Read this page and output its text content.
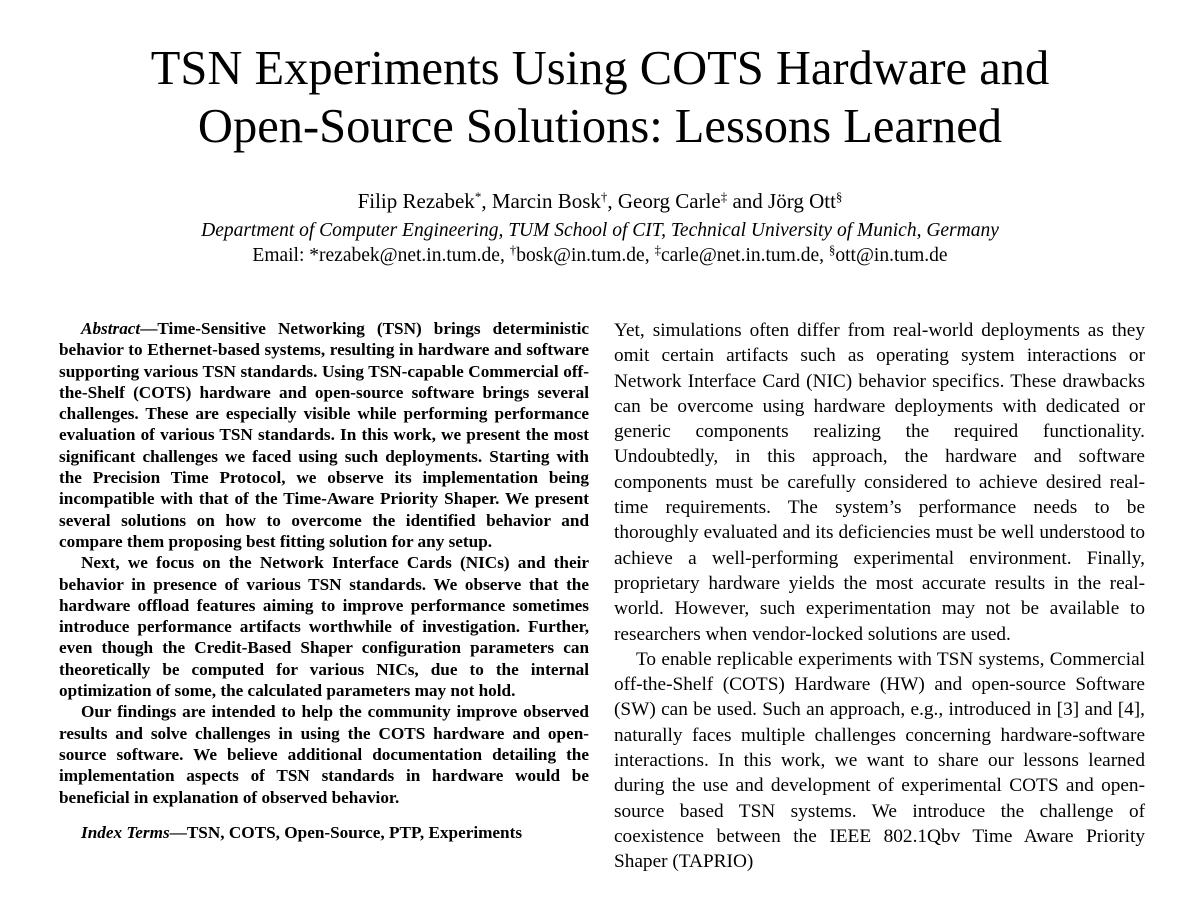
TSN Experiments Using COTS Hardware and
Open-Source Solutions: Lessons Learned
Filip Rezabek*, Marcin Bosk†, Georg Carle‡ and Jörg Ott§
Department of Computer Engineering, TUM School of CIT, Technical University of Munich, Germany
Email: *rezabek@net.in.tum.de, †bosk@in.tum.de, ‡carle@net.in.tum.de, §ott@in.tum.de

Abstract—Time-Sensitive Networking (TSN) brings deterministic behavior to Ethernet-based systems, resulting in hardware and software supporting various TSN standards. Using TSN-capable Commercial off-the-Shelf (COTS) hardware and open-source software brings several challenges. These are especially visible while performing performance evaluation of various TSN standards. In this work, we present the most significant challenges we faced using such deployments. Starting with the Precision Time Protocol, we observe its implementation being incompatible with that of the Time-Aware Priority Shaper. We present several solutions on how to overcome the identified behavior and compare them proposing best fitting solution for any setup.

Next, we focus on the Network Interface Cards (NICs) and their behavior in presence of various TSN standards. We observe that the hardware offload features aiming to improve performance sometimes introduce performance artifacts worthwhile of investigation. Further, even though the Credit-Based Shaper configuration parameters can theoretically be computed for various NICs, due to the internal optimization of some, the calculated parameters may not hold.

Our findings are intended to help the community improve observed results and solve challenges in using the COTS hardware and open-source software. We believe additional documentation detailing the implementation aspects of TSN standards in hardware would be beneficial in explanation of observed behavior.

Index Terms—TSN, COTS, Open-Source, PTP, Experiments

Yet, simulations often differ from real-world deployments as they omit certain artifacts such as operating system interactions or Network Interface Card (NIC) behavior specifics. These drawbacks can be overcome using hardware deployments with dedicated or generic components realizing the required functionality. Undoubtedly, in this approach, the hardware and software components must be carefully considered to achieve desired real-time requirements. The system’s performance needs to be thoroughly evaluated and its deficiencies must be well understood to achieve a well-performing experimental environment. Finally, proprietary hardware yields the most accurate results in the real-world. However, such experimentation may not be available to researchers when vendor-locked solutions are used.

To enable replicable experiments with TSN systems, Commercial off-the-Shelf (COTS) Hardware (HW) and open-source Software (SW) can be used. Such an approach, e.g., introduced in [3] and [4], naturally faces multiple challenges concerning hardware-software interactions. In this work, we want to share our lessons learned during the use and development of experimental COTS and open-source based TSN systems. We introduce the challenge of coexistence between the IEEE 802.1Qbv Time Aware Priority Shaper (TAPRIO)
